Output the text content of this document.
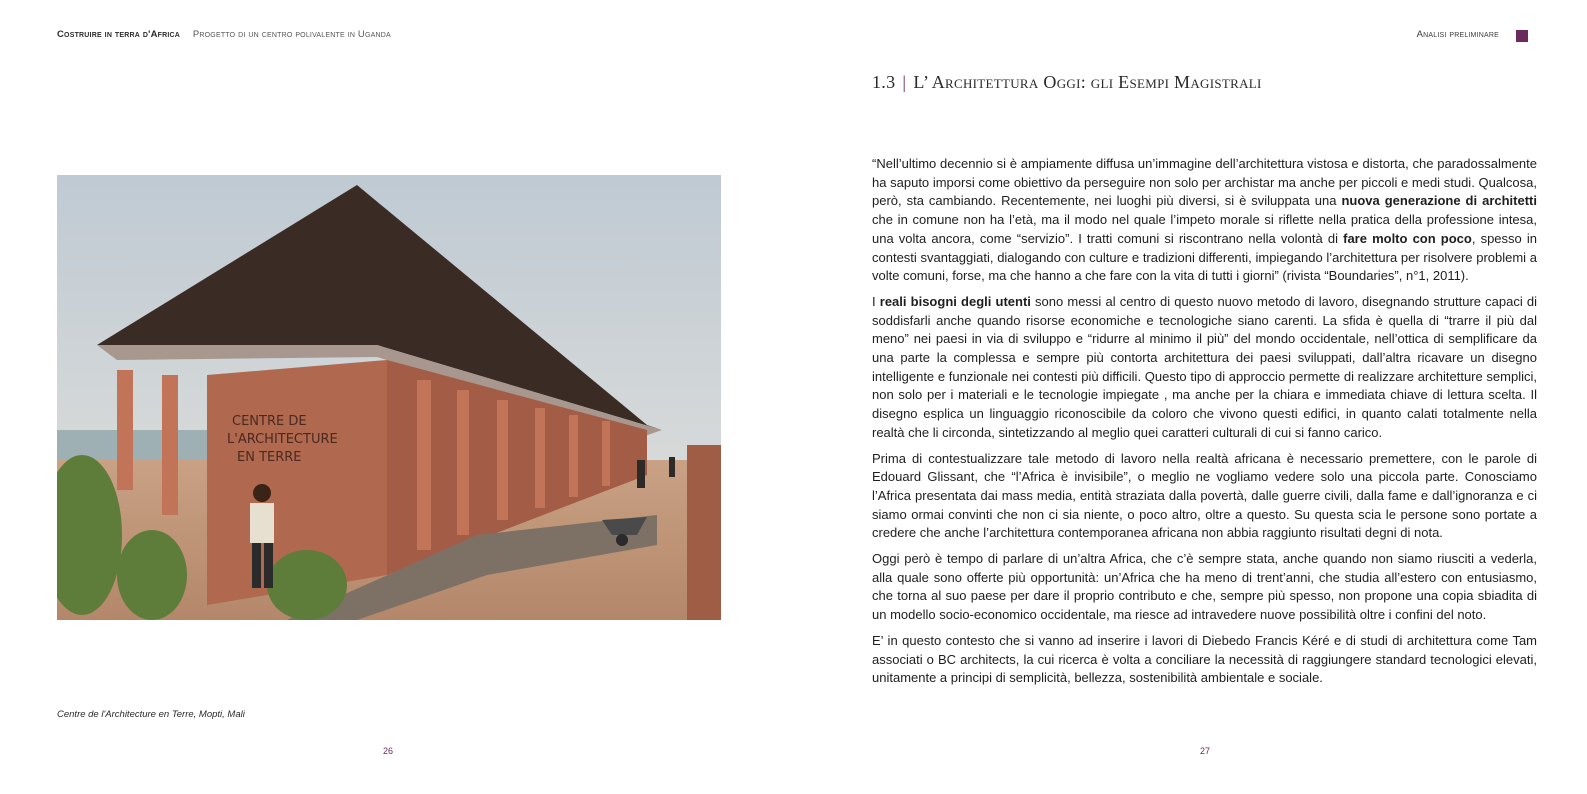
Costruire in terra d'Africa Progetto di un centro polivalente in Uganda	Analisi preliminare
CENTRE DE
L'ARCHITECTURE
EN TERRE
Centre de l'Architecture en Terre, Mopti, Mali
26
1.3 | L’ Architettura Oggi: gli Esempi Magistrali

“Nell’ultimo decennio si è ampiamente diffusa un’immagine dell’architettura vistosa e distorta, che paradossalmente ha saputo imporsi come obiettivo da perseguire non solo per archistar ma anche per piccoli e medi studi. Qualcosa, però, sta cambiando. Recentemente, nei luoghi più diversi, si è sviluppata una nuova generazione di architetti che in comune non ha l’età, ma il modo nel quale l’impeto morale si riflette nella pratica della professione intesa, una volta ancora, come “servizio”. I tratti comuni si riscontrano nella volontà di fare molto con poco, spesso in contesti svantaggiati, dialogando con culture e tradizioni differenti, impiegando l’architettura per risolvere problemi a volte comuni, forse, ma che hanno a che fare con la vita di tutti i giorni” (rivista “Boundaries”, n°1, 2011).

I reali bisogni degli utenti sono messi al centro di questo nuovo metodo di lavoro, disegnando strutture capaci di soddisfarli anche quando risorse economiche e tecnologiche siano carenti. La sfida è quella di “trarre il più dal meno” nei paesi in via di sviluppo e “ridurre al minimo il più” del mondo occidentale, nell’ottica di semplificare da una parte la complessa e sempre più contorta architettura dei paesi sviluppati, dall’altra ricavare un disegno intelligente e funzionale nei contesti più difficili. Questo tipo di approccio permette di realizzare architetture semplici, non solo per i materiali e le tecnologie impiegate , ma anche per la chiara e immediata chiave di lettura scelta. Il disegno esplica un linguaggio riconoscibile da coloro che vivono questi edifici, in quanto calati totalmente nella realtà che li circonda, sintetizzando al meglio quei caratteri culturali di cui si fanno carico.

Prima di contestualizzare tale metodo di lavoro nella realtà africana è necessario premettere, con le parole di Edouard Glissant, che “l’Africa è invisibile”, o meglio ne vogliamo vedere solo una piccola parte. Conosciamo l’Africa presentata dai mass media, entità straziata dalla povertà, dalle guerre civili, dalla fame e dall’ignoranza e ci siamo ormai convinti che non ci sia niente, o poco altro, oltre a questo. Su questa scia le persone sono portate a credere che anche l’architettura contemporanea africana non abbia raggiunto risultati degni di nota.

Oggi però è tempo di parlare di un’altra Africa, che c’è sempre stata, anche quando non siamo riusciti a vederla, alla quale sono offerte più opportunità: un’Africa che ha meno di trent’anni, che studia all’estero con entusiasmo, che torna al suo paese per dare il proprio contributo e che, sempre più spesso, non propone una copia sbiadita di un modello socio-economico occidentale, ma riesce ad intravedere nuove possibilità oltre i confini del noto.

E’ in questo contesto che si vanno ad inserire i lavori di Diebedo Francis Kéré e di studi di architettura come Tam associati o BC architects, la cui ricerca è volta a conciliare la necessità di raggiungere standard tecnologici elevati, unitamente a principi di semplicità, bellezza, sostenibilità ambientale e sociale.

27
